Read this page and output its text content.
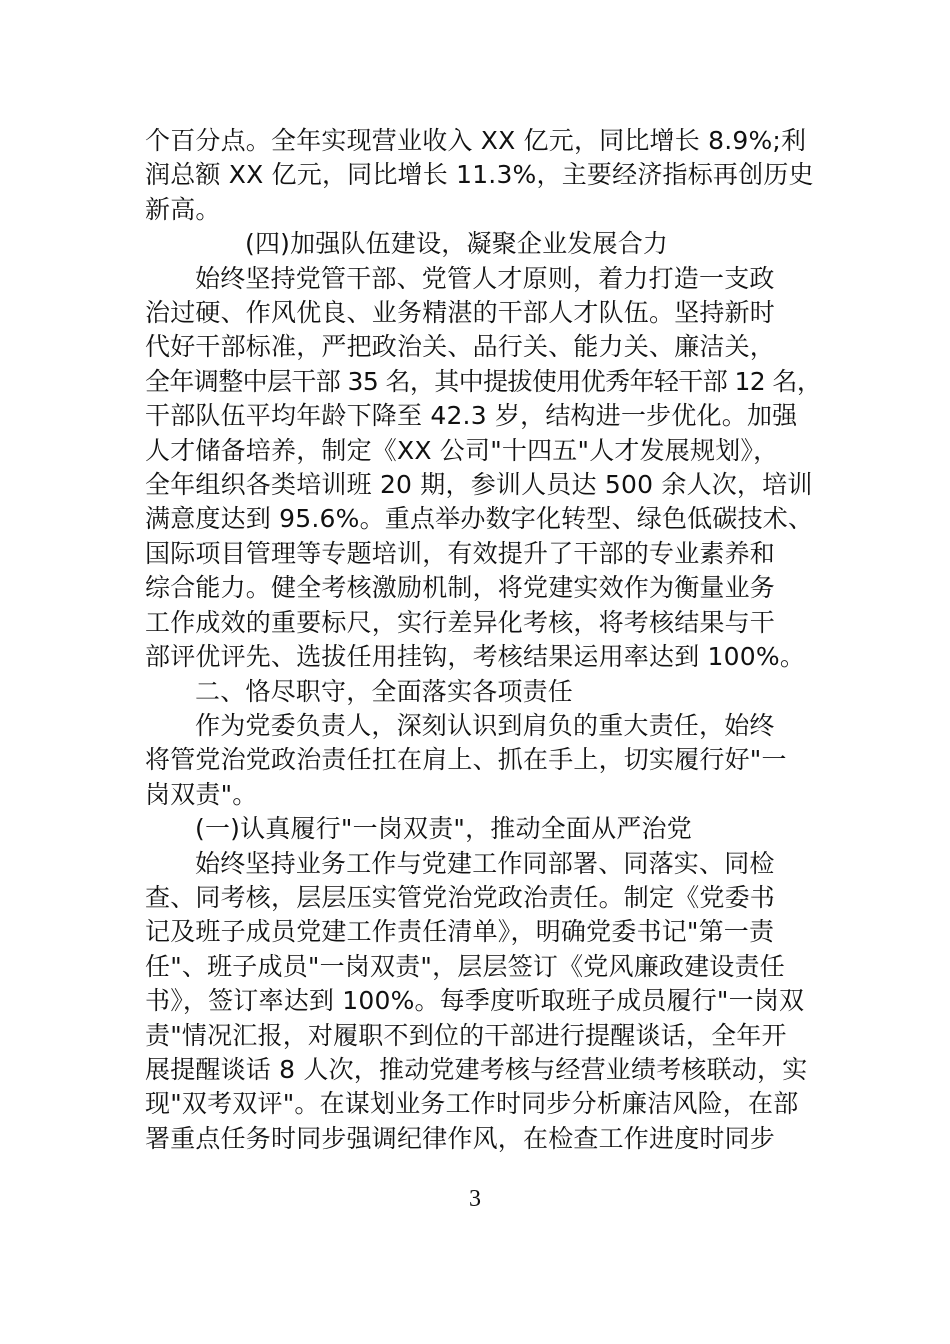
个百分点。全年实现营业收入 XX 亿元，同比增长 8.9%;利
润总额 XX 亿元，同比增长 11.3%，主要经济指标再创历史
新高。
(四)加强队伍建设，凝聚企业发展合力
始终坚持党管干部、党管人才原则，着力打造一支政
治过硬、作风优良、业务精湛的干部人才队伍。坚持新时
代好干部标准，严把政治关、品行关、能力关、廉洁关，
全年调整中层干部 35 名，其中提拔使用优秀年轻干部 12 名，
干部队伍平均年龄下降至 42.3 岁，结构进一步优化。加强
人才储备培养，制定《XX 公司"十四五"人才发展规划》，
全年组织各类培训班 20 期，参训人员达 500 余人次，培训
满意度达到 95.6%。重点举办数字化转型、绿色低碳技术、
国际项目管理等专题培训，有效提升了干部的专业素养和
综合能力。健全考核激励机制，将党建实效作为衡量业务
工作成效的重要标尺，实行差异化考核，将考核结果与干
部评优评先、选拔任用挂钩，考核结果运用率达到 100%。
二、恪尽职守，全面落实各项责任
作为党委负责人，深刻认识到肩负的重大责任，始终
将管党治党政治责任扛在肩上、抓在手上，切实履行好"一
岗双责"。
(一)认真履行"一岗双责"，推动全面从严治党
始终坚持业务工作与党建工作同部署、同落实、同检
查、同考核，层层压实管党治党政治责任。制定《党委书
记及班子成员党建工作责任清单》，明确党委书记"第一责
任"、班子成员"一岗双责"，层层签订《党风廉政建设责任
书》，签订率达到 100%。每季度听取班子成员履行"一岗双
责"情况汇报，对履职不到位的干部进行提醒谈话，全年开
展提醒谈话 8 人次，推动党建考核与经营业绩考核联动，实
现"双考双评"。在谋划业务工作时同步分析廉洁风险，在部
署重点任务时同步强调纪律作风，在检查工作进度时同步
3
